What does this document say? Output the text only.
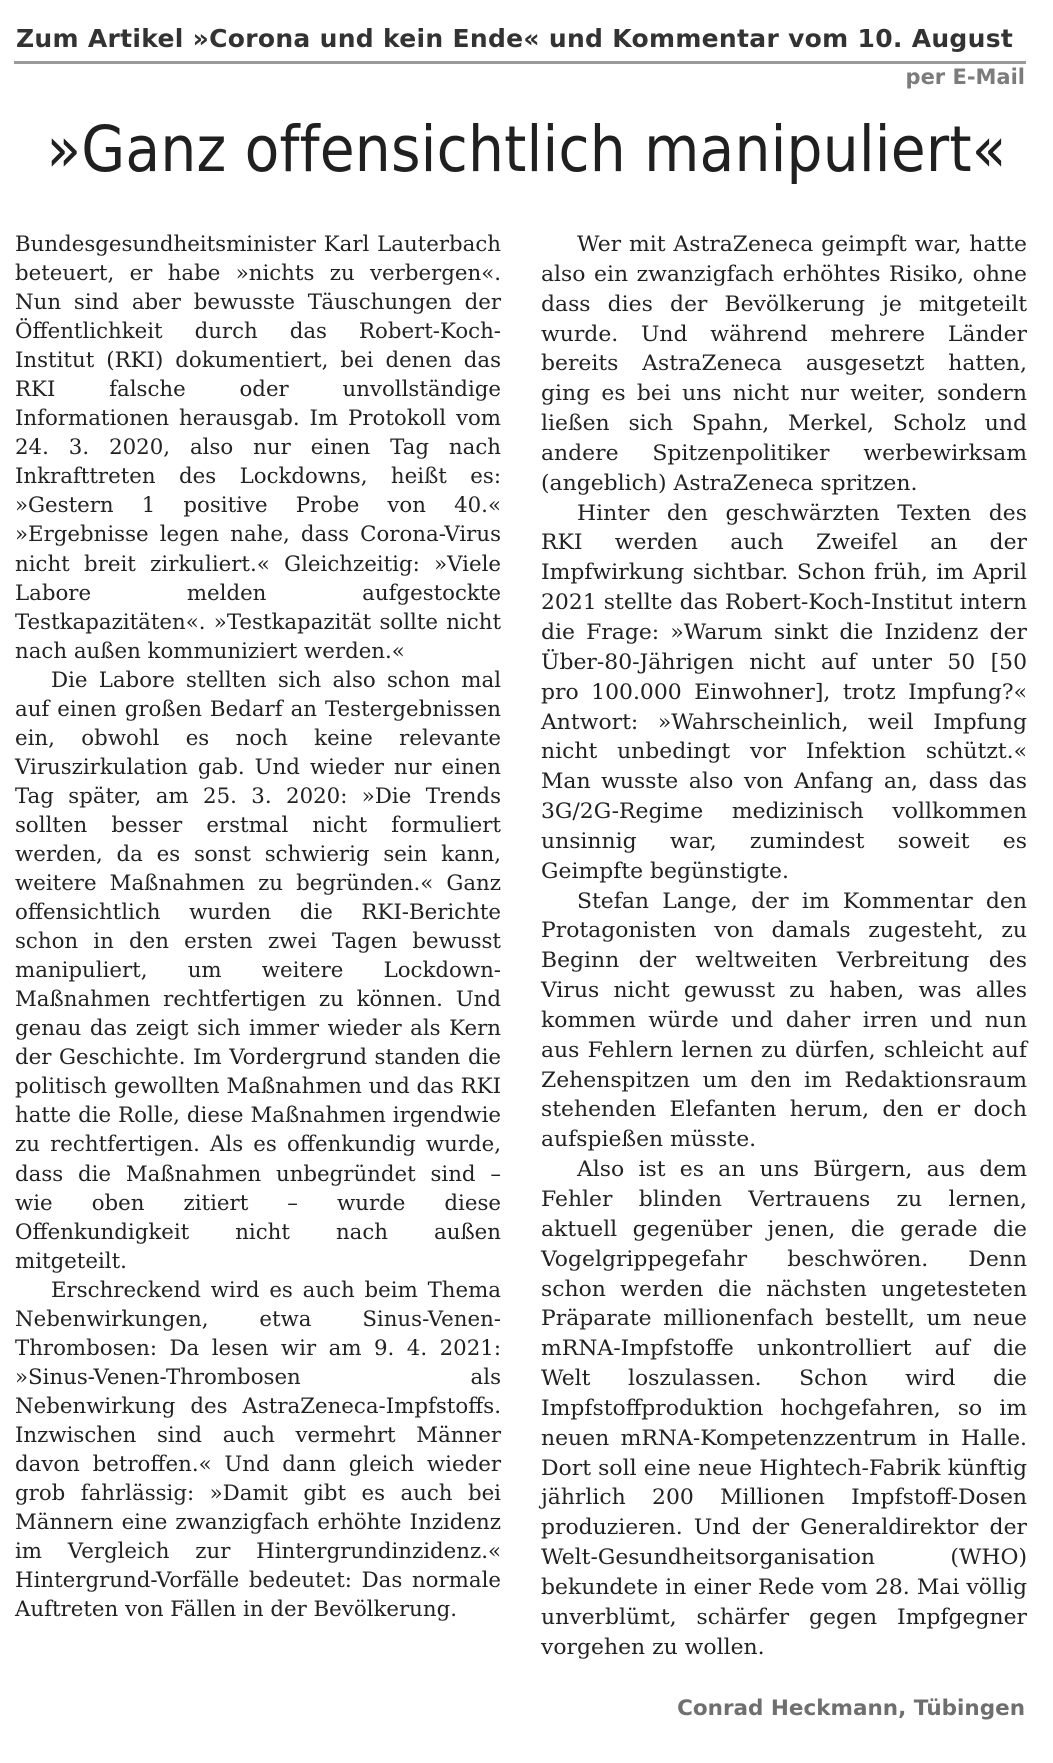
Zum Artikel »Corona und kein Ende« und Kommentar vom 10. August
per E-Mail
»Ganz offensichtlich manipuliert«

Bundesgesundheitsminister Karl Lauterbach beteuert, er habe »nichts zu verbergen«. Nun sind aber bewusste Täuschungen der Öffentlichkeit durch das Robert-Koch-Institut (RKI) dokumentiert, bei denen das RKI falsche oder unvollständige Informationen herausgab. Im Protokoll vom 24. 3. 2020, also nur einen Tag nach Inkrafttreten des Lockdowns, heißt es: »Gestern 1 positive Probe von 40.« »Ergebnisse legen nahe, dass Corona-Virus nicht breit zirkuliert.« Gleichzeitig: »Viele Labore melden aufgestockte Testkapazitäten«. »Testkapazität sollte nicht nach außen kommuniziert werden.«

Die Labore stellten sich also schon mal auf einen großen Bedarf an Testergebnissen ein, obwohl es noch keine relevante Viruszirkulation gab. Und wieder nur einen Tag später, am 25. 3. 2020: »Die Trends sollten besser erstmal nicht formuliert werden, da es sonst schwierig sein kann, weitere Maßnahmen zu begründen.« Ganz offensichtlich wurden die RKI-Berichte schon in den ersten zwei Tagen bewusst manipuliert, um weitere Lockdown-Maßnahmen rechtfertigen zu können. Und genau das zeigt sich immer wieder als Kern der Geschichte. Im Vordergrund standen die politisch gewollten Maßnahmen und das RKI hatte die Rolle, diese Maßnahmen irgendwie zu rechtfertigen. Als es offenkundig wurde, dass die Maßnahmen unbegründet sind – wie oben zitiert – wurde diese Offenkundigkeit nicht nach außen mitgeteilt.

Erschreckend wird es auch beim Thema Nebenwirkungen, etwa Sinus-Venen-Thrombosen: Da lesen wir am 9. 4. 2021: »Sinus-Venen-Thrombosen als Nebenwirkung des AstraZeneca-Impfstoffs. Inzwischen sind auch vermehrt Männer davon betroffen.« Und dann gleich wieder grob fahrlässig: »Damit gibt es auch bei Männern eine zwanzigfach erhöhte Inzidenz im Vergleich zur Hintergrundinzidenz.« Hintergrund-Vorfälle bedeutet: Das normale Auftreten von Fällen in der Bevölkerung.

Wer mit AstraZeneca geimpft war, hatte also ein zwanzigfach erhöhtes Risiko, ohne dass dies der Bevölkerung je mitgeteilt wurde. Und während mehrere Länder bereits AstraZeneca ausgesetzt hatten, ging es bei uns nicht nur weiter, sondern ließen sich Spahn, Merkel, Scholz und andere Spitzenpolitiker werbewirksam (angeblich) AstraZeneca spritzen.

Hinter den geschwärzten Texten des RKI werden auch Zweifel an der Impfwirkung sichtbar. Schon früh, im April 2021 stellte das Robert-Koch-Institut intern die Frage: »Warum sinkt die Inzidenz der Über-80-Jährigen nicht auf unter 50 [50 pro 100.000 Einwohner], trotz Impfung?« Antwort: »Wahrscheinlich, weil Impfung nicht unbedingt vor Infektion schützt.« Man wusste also von Anfang an, dass das 3G/2G-Regime medizinisch vollkommen unsinnig war, zumindest soweit es Geimpfte begünstigte.

Stefan Lange, der im Kommentar den Protagonisten von damals zugesteht, zu Beginn der weltweiten Verbreitung des Virus nicht gewusst zu haben, was alles kommen würde und daher irren und nun aus Fehlern lernen zu dürfen, schleicht auf Zehenspitzen um den im Redaktionsraum stehenden Elefanten herum, den er doch aufspießen müsste.

Also ist es an uns Bürgern, aus dem Fehler blinden Vertrauens zu lernen, aktuell gegenüber jenen, die gerade die Vogelgrippegefahr beschwören. Denn schon werden die nächsten ungetesteten Präparate millionenfach bestellt, um neue mRNA-Impfstoffe unkontrolliert auf die Welt loszulassen. Schon wird die Impfstoffproduktion hochgefahren, so im neuen mRNA-Kompetenzzentrum in Halle. Dort soll eine neue Hightech-Fabrik künftig jährlich 200 Millionen Impfstoff-Dosen produzieren. Und der Generaldirektor der Welt-Gesundheitsorganisation (WHO) bekundete in einer Rede vom 28. Mai völlig unverblümt, schärfer gegen Impfgegner vorgehen zu wollen.

Conrad Heckmann, Tübingen
